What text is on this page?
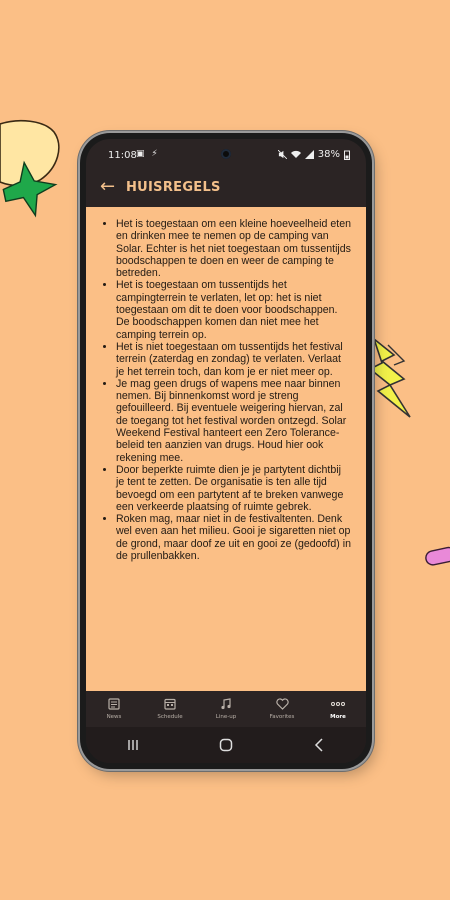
11:08 ▣ ⚡	38%
← HUISREGELS
• Het is toegestaan om een kleine hoeveelheid eten en drinken mee te nemen op de camping van Solar. Echter is het niet toegestaan om tussentijds boodschappen te doen en weer de camping te betreden.
• Het is toegestaan om tussentijds het campingterrein te verlaten, let op: het is niet toegestaan om dit te doen voor boodschappen. De boodschappen komen dan niet mee het camping terrein op.
• Het is niet toegestaan om tussentijds het festival terrein (zaterdag en zondag) te verlaten. Verlaat je het terrein toch, dan kom je er niet meer op.
• Je mag geen drugs of wapens mee naar binnen nemen. Bij binnenkomst word je streng gefouilleerd. Bij eventuele weigering hiervan, zal de toegang tot het festival worden ontzegd. Solar Weekend Festival hanteert een Zero Tolerance-beleid ten aanzien van drugs. Houd hier ook rekening mee.
• Door beperkte ruimte dien je je partytent dichtbij je tent te zetten. De organisatie is ten alle tijd bevoegd om een partytent af te breken vanwege een verkeerde plaatsing of ruimte gebrek.
• Roken mag, maar niet in de festivaltenten. Denk wel even aan het milieu. Gooi je sigaretten niet op de grond, maar doof ze uit en gooi ze (gedoofd) in de prullenbakken.
News	Schedule	Line-up	Favorites	More
